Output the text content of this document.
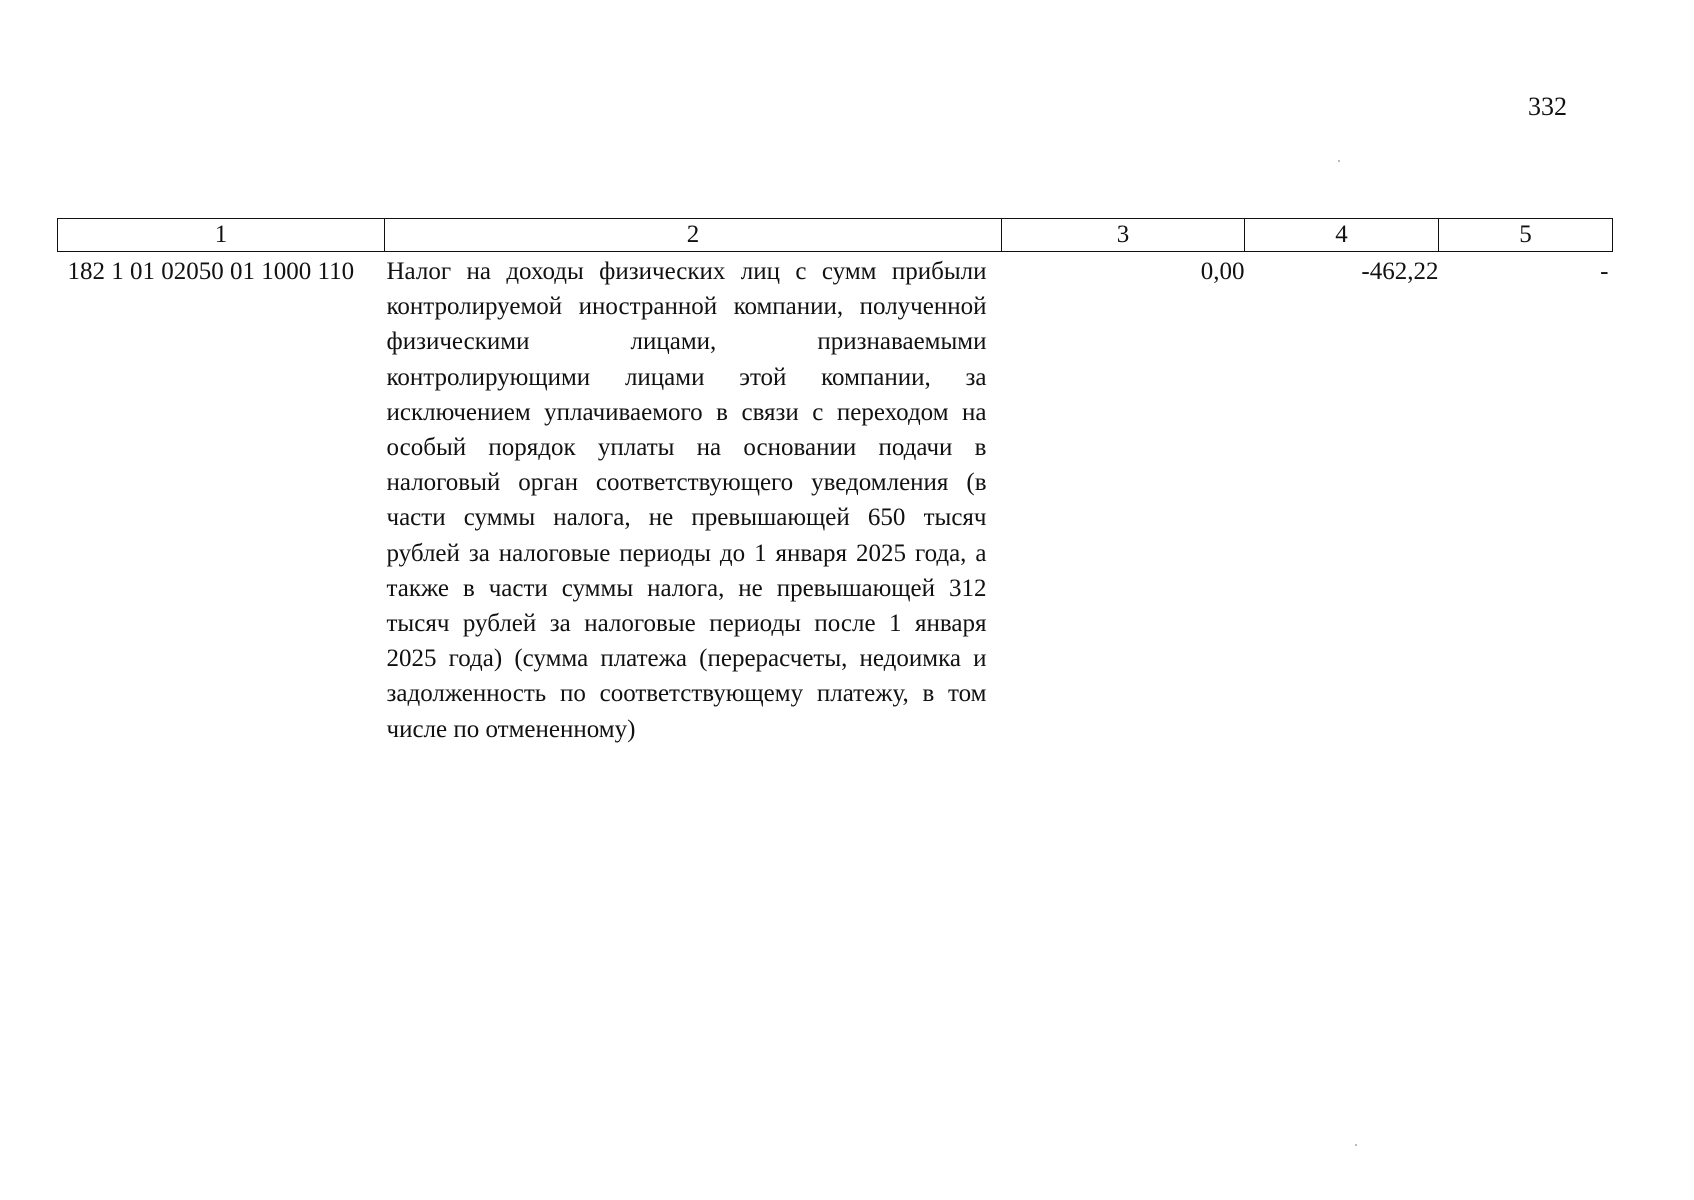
332
1	2	3	4	5
182 1 01 02050 01 1000 110	Налог на доходы физических лиц с сумм прибыли контролируемой иностранной компании, полученной физическими лицами, признаваемыми контролирующими лицами этой компании, за исключением уплачиваемого в связи с переходом на особый порядок уплаты на основании подачи в налоговый орган соответствующего уведомления (в части суммы налога, не превышающей 650 тысяч рублей за налоговые периоды до 1 января 2025 года, а также в части суммы налога, не превышающей 312 тысяч рублей за налоговые периоды после 1 января 2025 года) (сумма платежа (перерасчеты, недоимка и задолженность по соответствующему платежу, в том числе по отмененному)	0,00	-462,22	-
